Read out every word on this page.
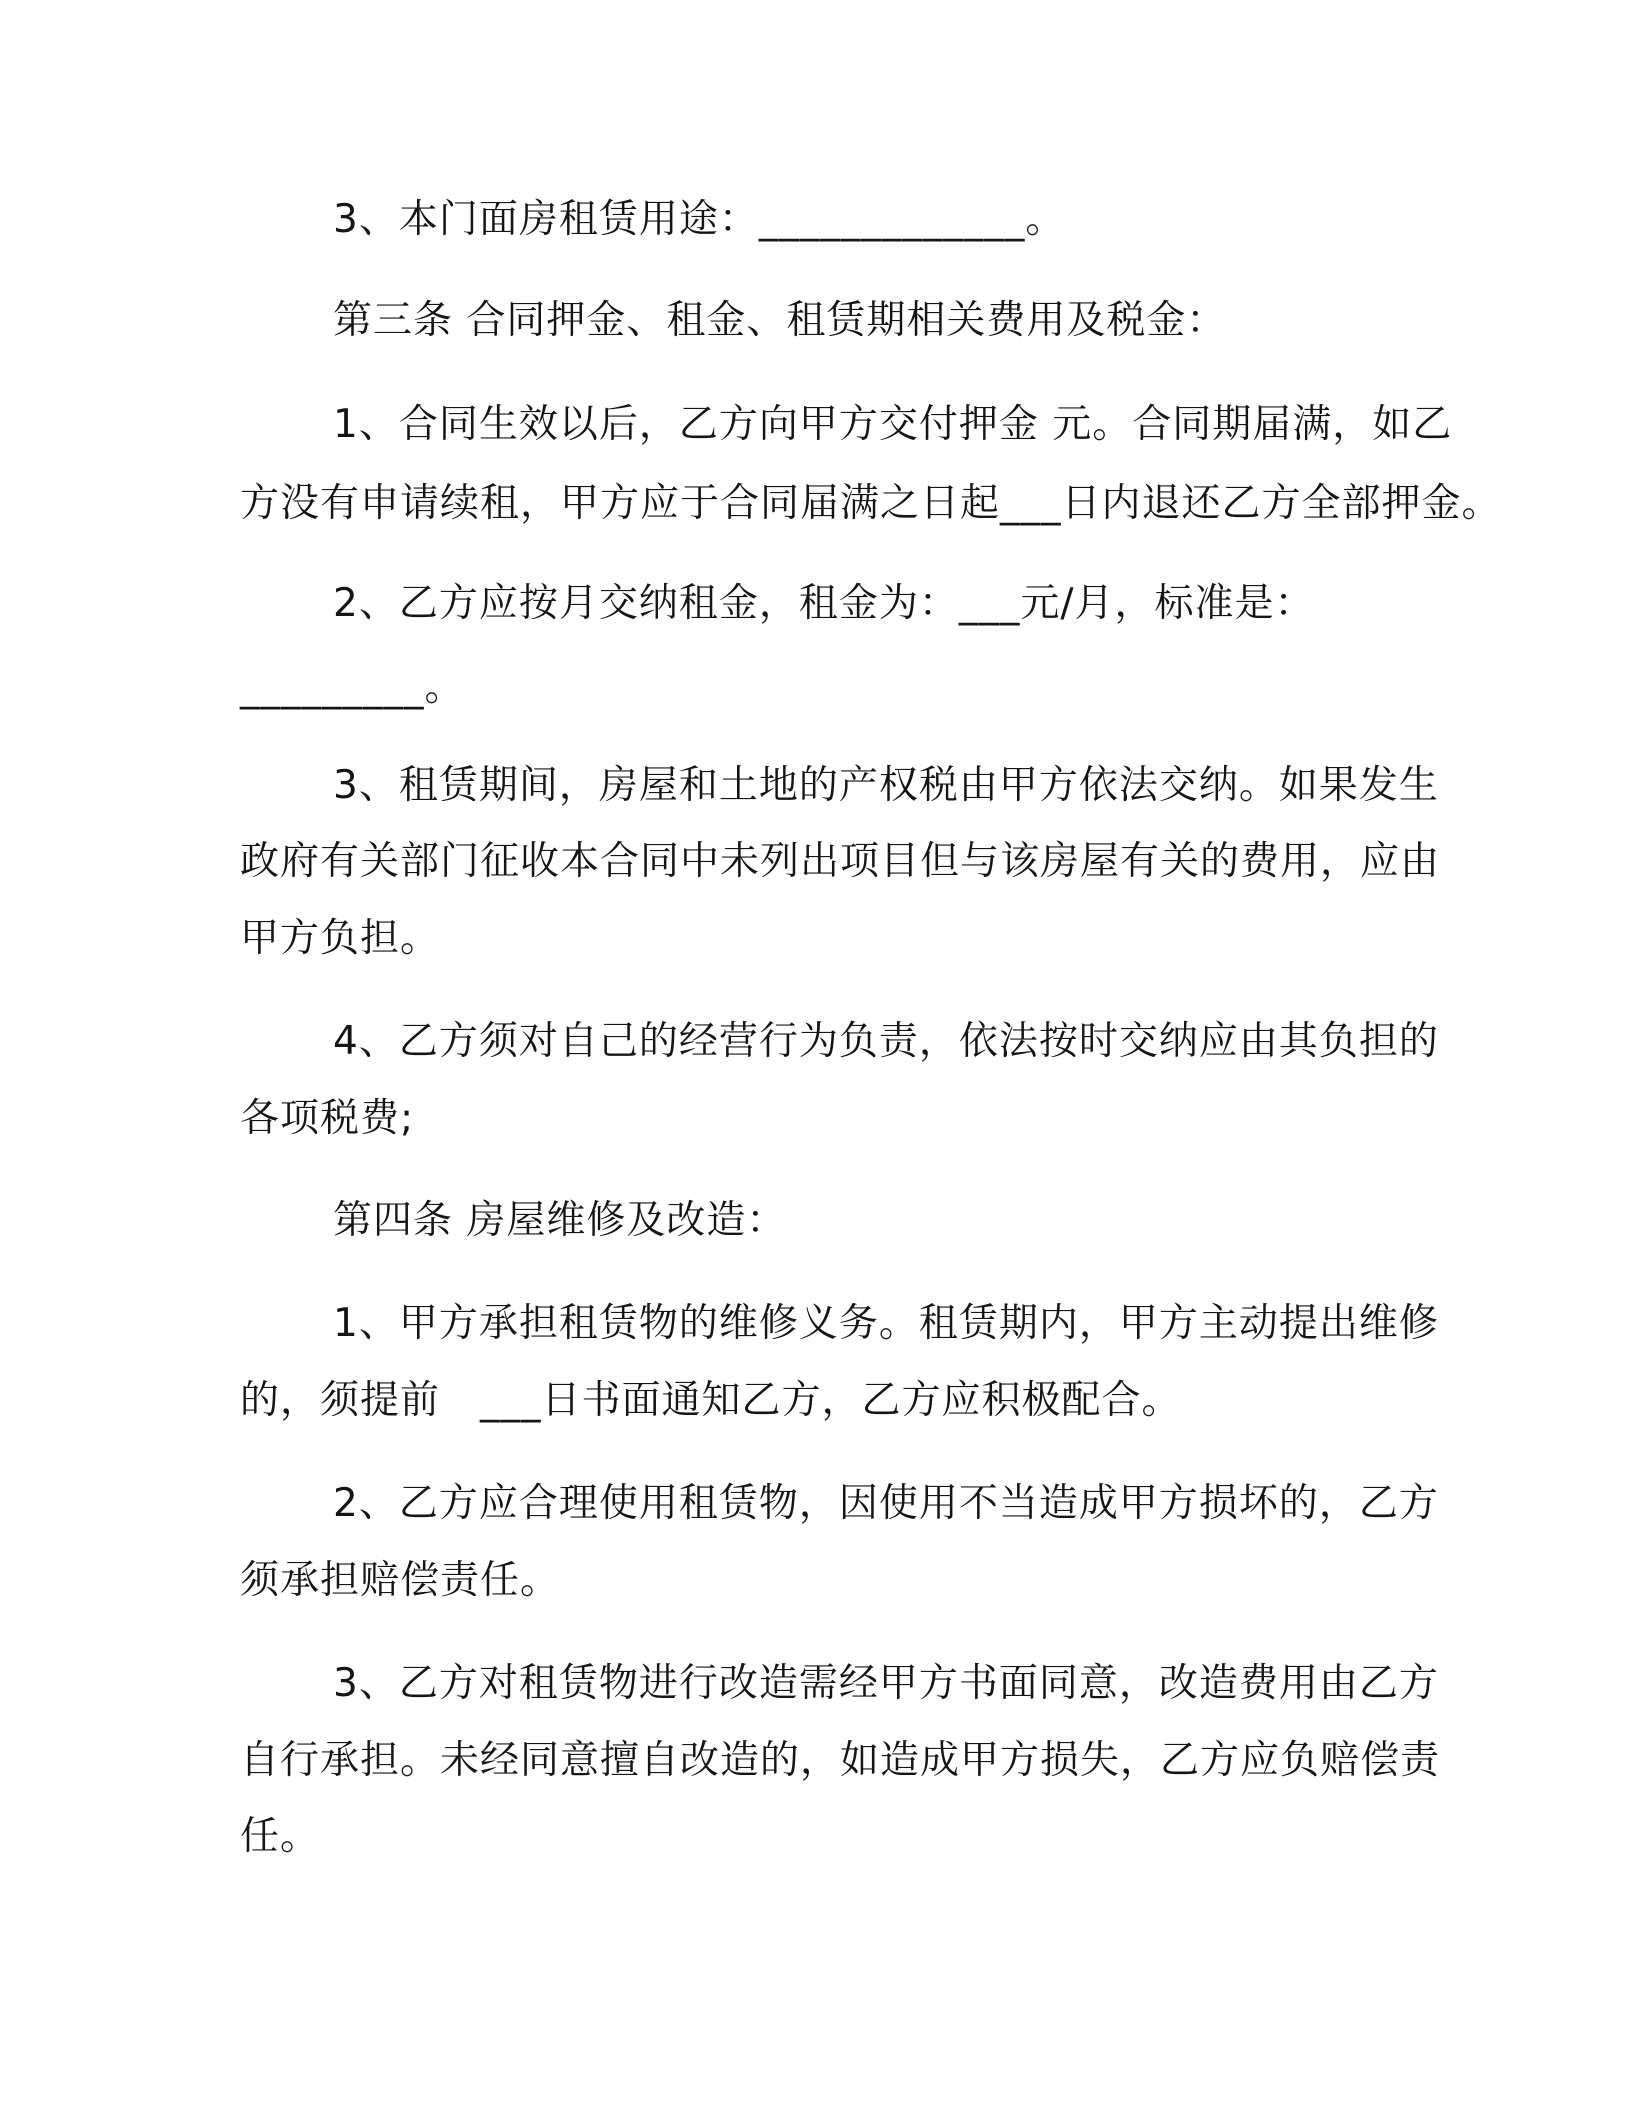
3、本门面房租赁用途：_____________。

第三条 合同押金、租金、租赁期相关费用及税金：

1、合同生效以后，乙方向甲方交付押金 元。合同期届满，如乙

方没有申请续租，甲方应于合同届满之日起___日内退还乙方全部押金。

2、乙方应按月交纳租金，租金为：___元/月，标准是：

_________。

3、租赁期间，房屋和土地的产权税由甲方依法交纳。如果发生

政府有关部门征收本合同中未列出项目但与该房屋有关的费用，应由

甲方负担。

4、乙方须对自己的经营行为负责，依法按时交纳应由其负担的

各项税费;

第四条 房屋维修及改造：

1、甲方承担租赁物的维修义务。租赁期内，甲方主动提出维修

的，须提前　___日书面通知乙方，乙方应积极配合。

2、乙方应合理使用租赁物，因使用不当造成甲方损坏的，乙方

须承担赔偿责任。

3、乙方对租赁物进行改造需经甲方书面同意，改造费用由乙方

自行承担。未经同意擅自改造的，如造成甲方损失，乙方应负赔偿责

任。
